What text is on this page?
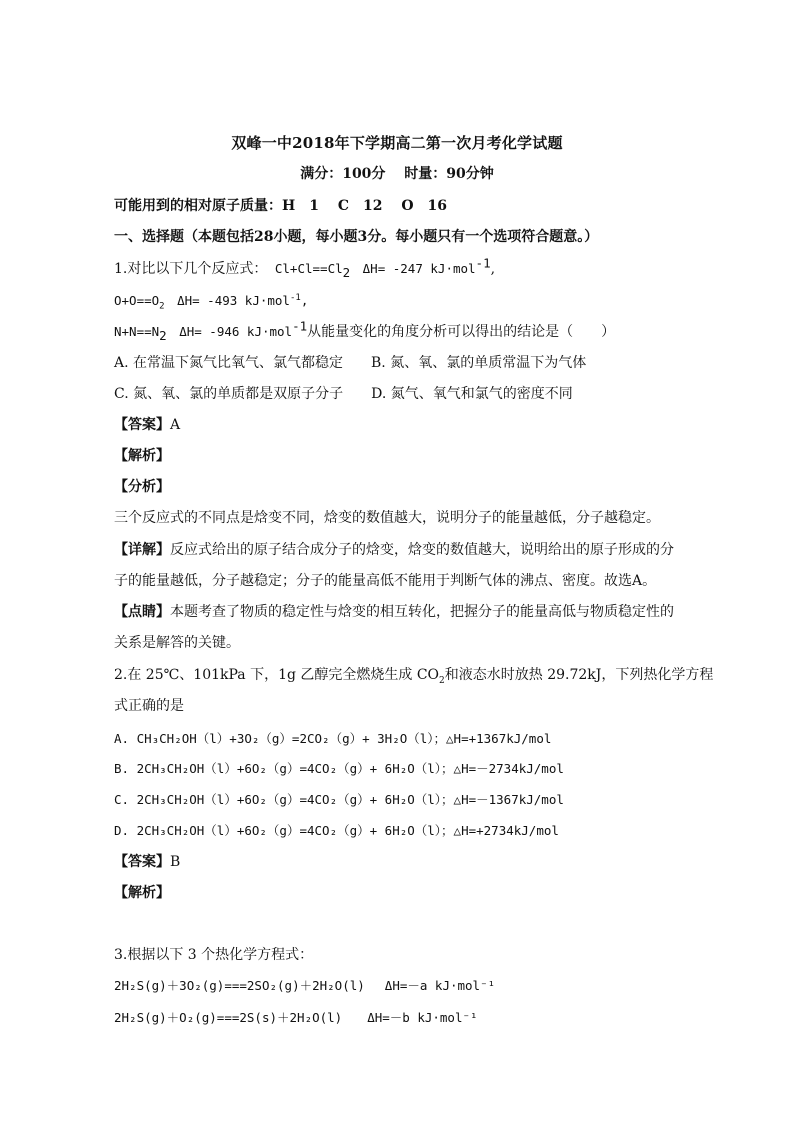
双峰一中2018年下学期高二第一次月考化学试题
满分：100分　 时量：90分钟
可能用到的相对原子质量：H　1　 C　12 　O　16
一、选择题（本题包括28小题，每小题3分。每小题只有一个选项符合题意。）
1.对比以下几个反应式： $Cl+Cl==Cl_2$　ΔH= -247 kJ·mol$^{-1}$,
$O+O==O_2$　ΔH= -493 kJ·mol$^{-1}$,
$N+N==N_2$　ΔH= -946 kJ·mol$^{-1}$从能量变化的角度分析可以得出的结论是（　　）
A. 在常温下氮气比氧气、氯气都稳定　　B. 氮、氧、氯的单质常温下为气体
C. 氮、氧、氯的单质都是双原子分子　　D. 氮气、氧气和氯气的密度不同
【答案】A
【解析】
【分析】
三个反应式的不同点是焓变不同，焓变的数值越大，说明分子的能量越低，分子越稳定。
【详解】反应式给出的原子结合成分子的焓变，焓变的数值越大，说明给出的原子形成的分
子的能量越低，分子越稳定；分子的能量高低不能用于判断气体的沸点、密度。故选A。
【点睛】本题考查了物质的稳定性与焓变的相互转化，把握分子的能量高低与物质稳定性的
关系是解答的关键。
2.在 25℃、101kPa 下，1g 乙醇完全燃烧生成 $CO_2$和液态水时放热 29.72kJ，下列热化学方程
式正确的是
A. CH₃CH₂OH（l）+3O₂（g）=2CO₂（g）+ 3H₂O（l）；△H=+1367kJ/mol
B. 2CH₃CH₂OH（l）+6O₂（g）=4CO₂（g）+ 6H₂O（l）；△H=－2734kJ/mol
C. 2CH₃CH₂OH（l）+6O₂（g）=4CO₂（g）+ 6H₂O（l）；△H=－1367kJ/mol
D. 2CH₃CH₂OH（l）+6O₂（g）=4CO₂（g）+ 6H₂O（l）；△H=+2734kJ/mol
【答案】B
【解析】
3.根据以下 3 个热化学方程式：
2H₂S(g)＋3O₂(g)===2SO₂(g)＋2H₂O(l)　 ΔH=－a kJ·mol⁻¹
2H₂S(g)＋O₂(g)===2S(s)＋2H₂O(l)　　ΔH=－b kJ·mol⁻¹
